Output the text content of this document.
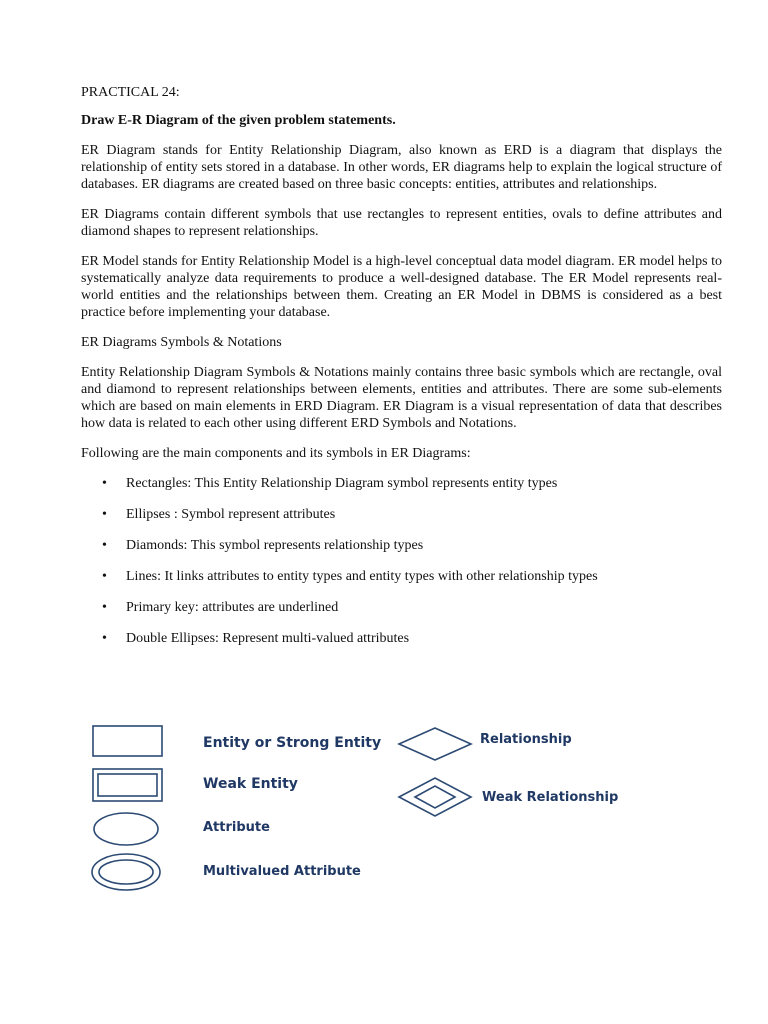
PRACTICAL 24:
Draw E-R Diagram of the given problem statements.

ER Diagram stands for Entity Relationship Diagram, also known as ERD is a diagram that displays the relationship of entity sets stored in a database. In other words, ER diagrams help to explain the logical structure of databases. ER diagrams are created based on three basic concepts: entities, attributes and relationships.

ER Diagrams contain different symbols that use rectangles to represent entities, ovals to define attributes and diamond shapes to represent relationships.

ER Model stands for Entity Relationship Model is a high-level conceptual data model diagram. ER model helps to systematically analyze data requirements to produce a well-designed database. The ER Model represents real-world entities and the relationships between them. Creating an ER Model in DBMS is considered as a best practice before implementing your database.

ER Diagrams Symbols & Notations

Entity Relationship Diagram Symbols & Notations mainly contains three basic symbols which are rectangle, oval and diamond to represent relationships between elements, entities and attributes. There are some sub-elements which are based on main elements in ERD Diagram. ER Diagram is a visual representation of data that describes how data is related to each other using different ERD Symbols and Notations.

Following are the main components and its symbols in ER Diagrams:

• Rectangles: This Entity Relationship Diagram symbol represents entity types
• Ellipses : Symbol represent attributes
• Diamonds: This symbol represents relationship types
• Lines: It links attributes to entity types and entity types with other relationship types
• Primary key: attributes are underlined
• Double Ellipses: Represent multi-valued attributes
Entity or Strong Entity
Weak Entity
Attribute
Multivalued Attribute
Relationship
Weak Relationship
